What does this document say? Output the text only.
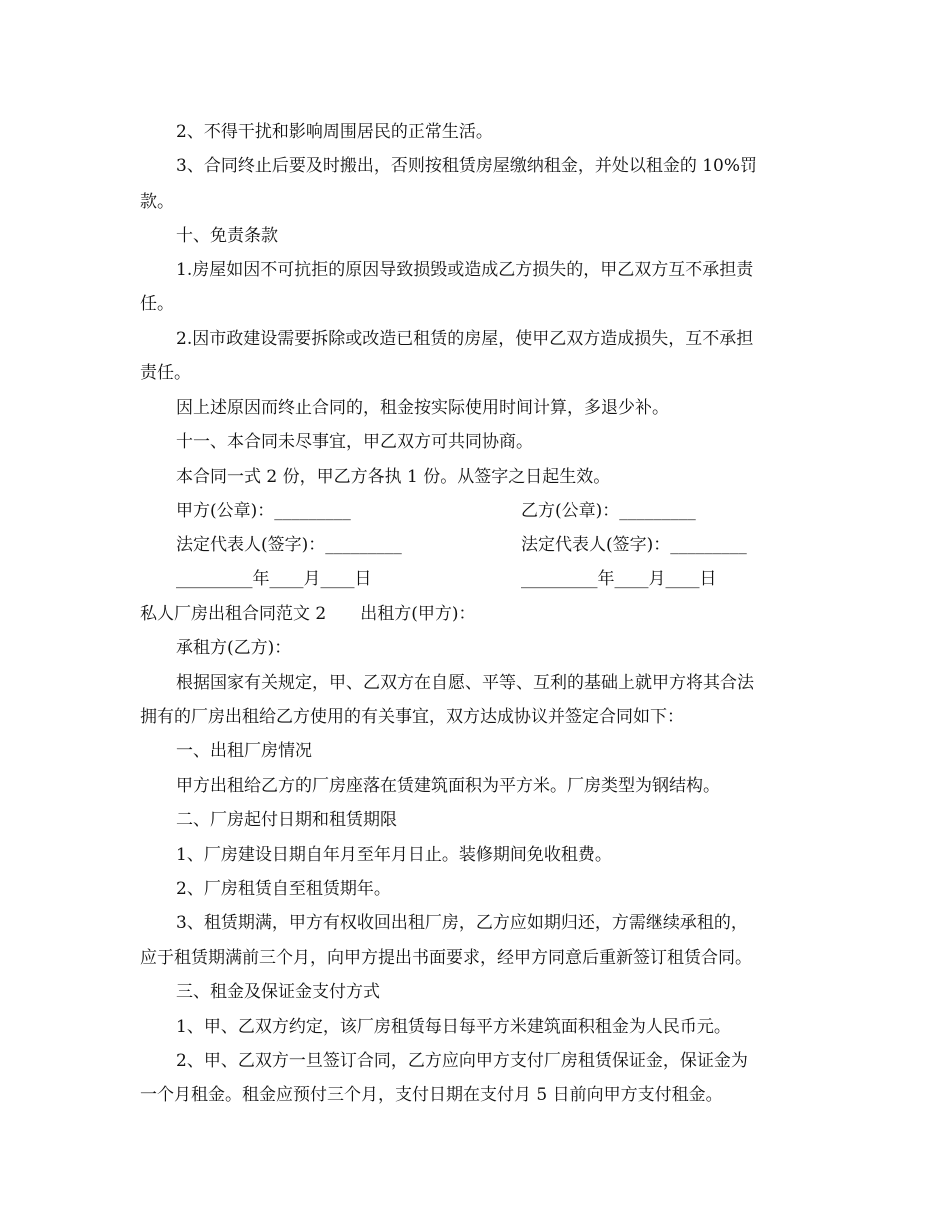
2、不得干扰和影响周围居民的正常生活。
3、合同终止后要及时搬出，否则按租赁房屋缴纳租金，并处以租金的 10%罚
款。
十、免责条款
1.房屋如因不可抗拒的原因导致损毁或造成乙方损失的，甲乙双方互不承担责
任。
2.因市政建设需要拆除或改造已租赁的房屋，使甲乙双方造成损失，互不承担
责任。
因上述原因而终止合同的，租金按实际使用时间计算，多退少补。
十一、本合同未尽事宜，甲乙双方可共同协商。
本合同一式 2 份，甲乙方各执 1 份。从签字之日起生效。
甲方(公章)：_________	乙方(公章)：_________
法定代表人(签字)：_________	法定代表人(签字)：_________
_________年____月____日	_________年____月____日
私人厂房出租合同范文 2　　出租方(甲方)：
承租方(乙方)：
根据国家有关规定，甲、乙双方在自愿、平等、互利的基础上就甲方将其合法
拥有的厂房出租给乙方使用的有关事宜，双方达成协议并签定合同如下：
一、出租厂房情况
甲方出租给乙方的厂房座落在赁建筑面积为平方米。厂房类型为钢结构。
二、厂房起付日期和租赁期限
1、厂房建设日期自年月至年月日止。装修期间免收租费。
2、厂房租赁自至租赁期年。
3、租赁期满，甲方有权收回出租厂房，乙方应如期归还，方需继续承租的，
应于租赁期满前三个月，向甲方提出书面要求，经甲方同意后重新签订租赁合同。
三、租金及保证金支付方式
1、甲、乙双方约定，该厂房租赁每日每平方米建筑面积租金为人民币元。
2、甲、乙双方一旦签订合同，乙方应向甲方支付厂房租赁保证金，保证金为
一个月租金。租金应预付三个月，支付日期在支付月 5 日前向甲方支付租金。
